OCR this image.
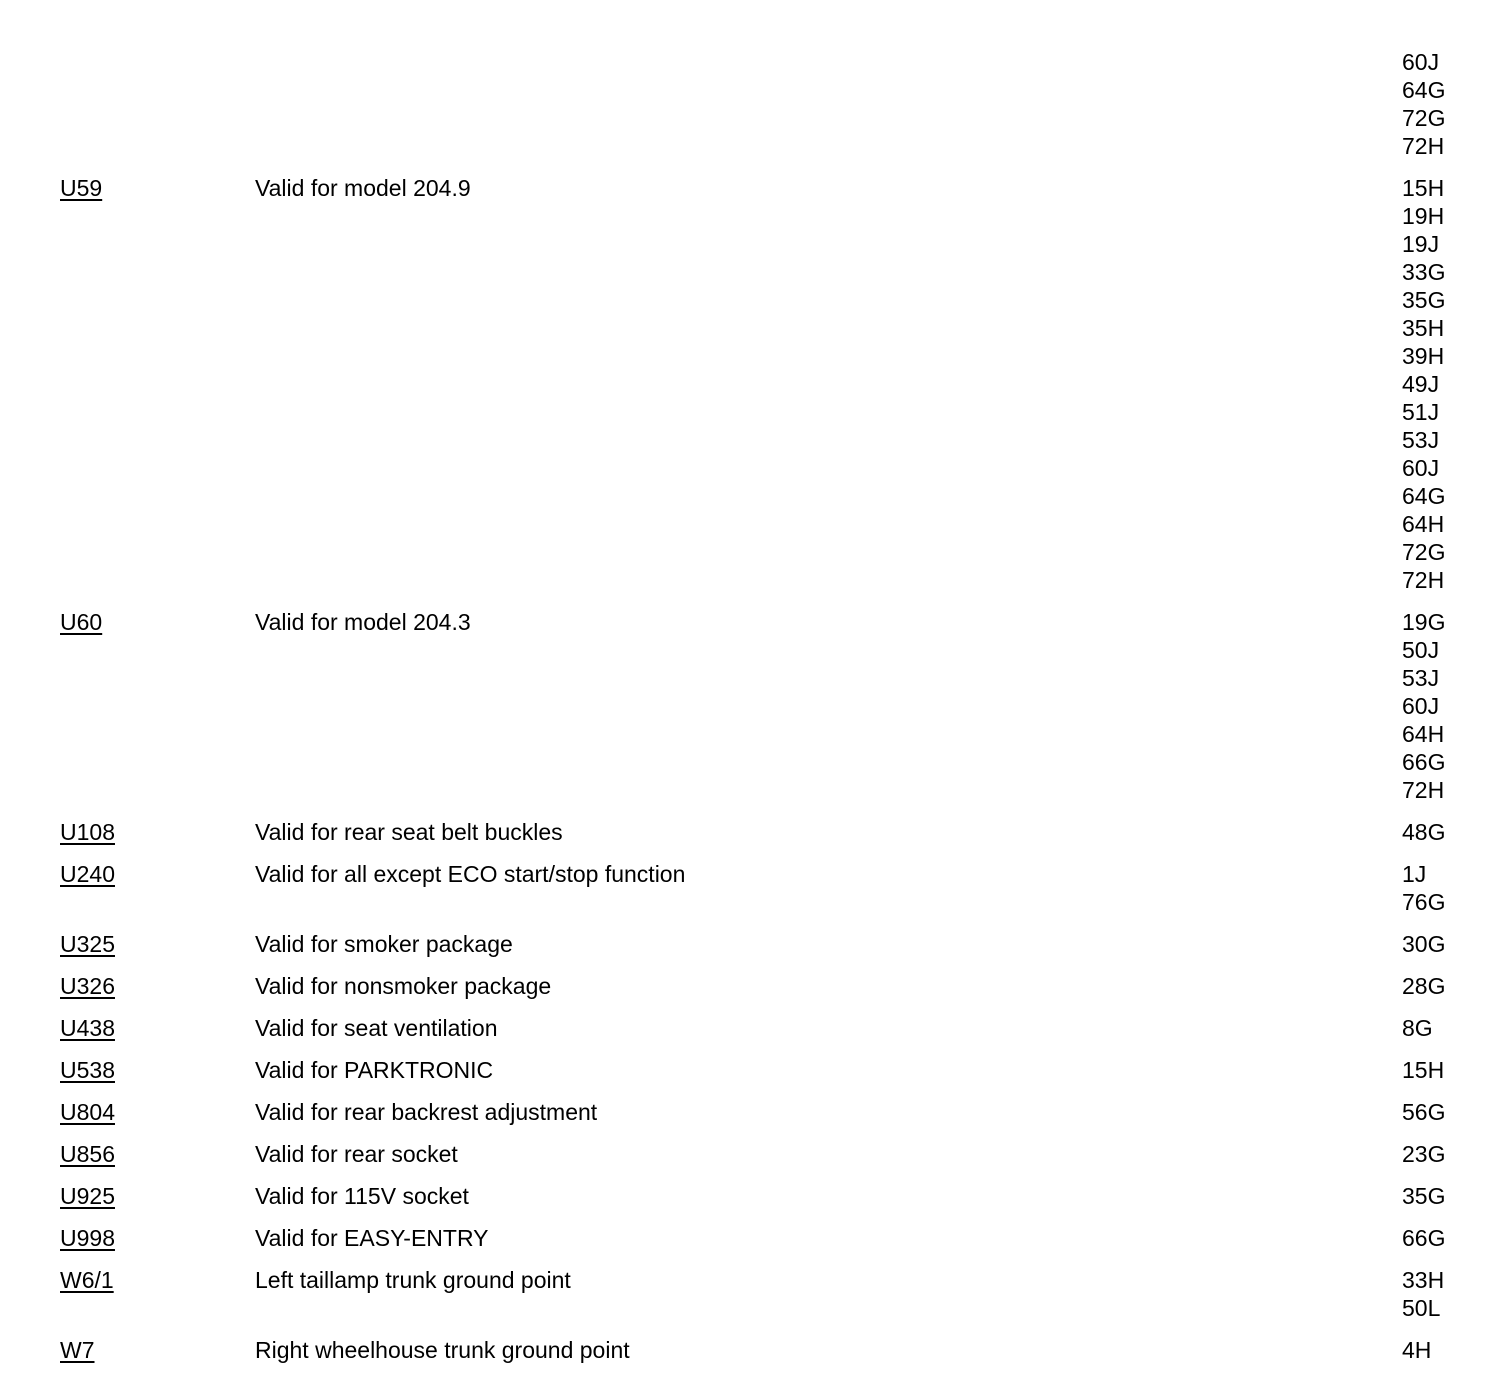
60J
64G
72G
72H
U59	Valid for model 204.9	15H
19H
19J
33G
35G
35H
39H
49J
51J
53J
60J
64G
64H
72G
72H
U60	Valid for model 204.3	19G
50J
53J
60J
64H
66G
72H
U108	Valid for rear seat belt buckles	48G
U240	Valid for all except ECO start/stop function	1J
76G
U325	Valid for smoker package	30G
U326	Valid for nonsmoker package	28G
U438	Valid for seat ventilation	8G
U538	Valid for PARKTRONIC	15H
U804	Valid for rear backrest adjustment	56G
U856	Valid for rear socket	23G
U925	Valid for 115V socket	35G
U998	Valid for EASY-ENTRY	66G
W6/1	Left taillamp trunk ground point	33H
50L
W7	Right wheelhouse trunk ground point	4H
